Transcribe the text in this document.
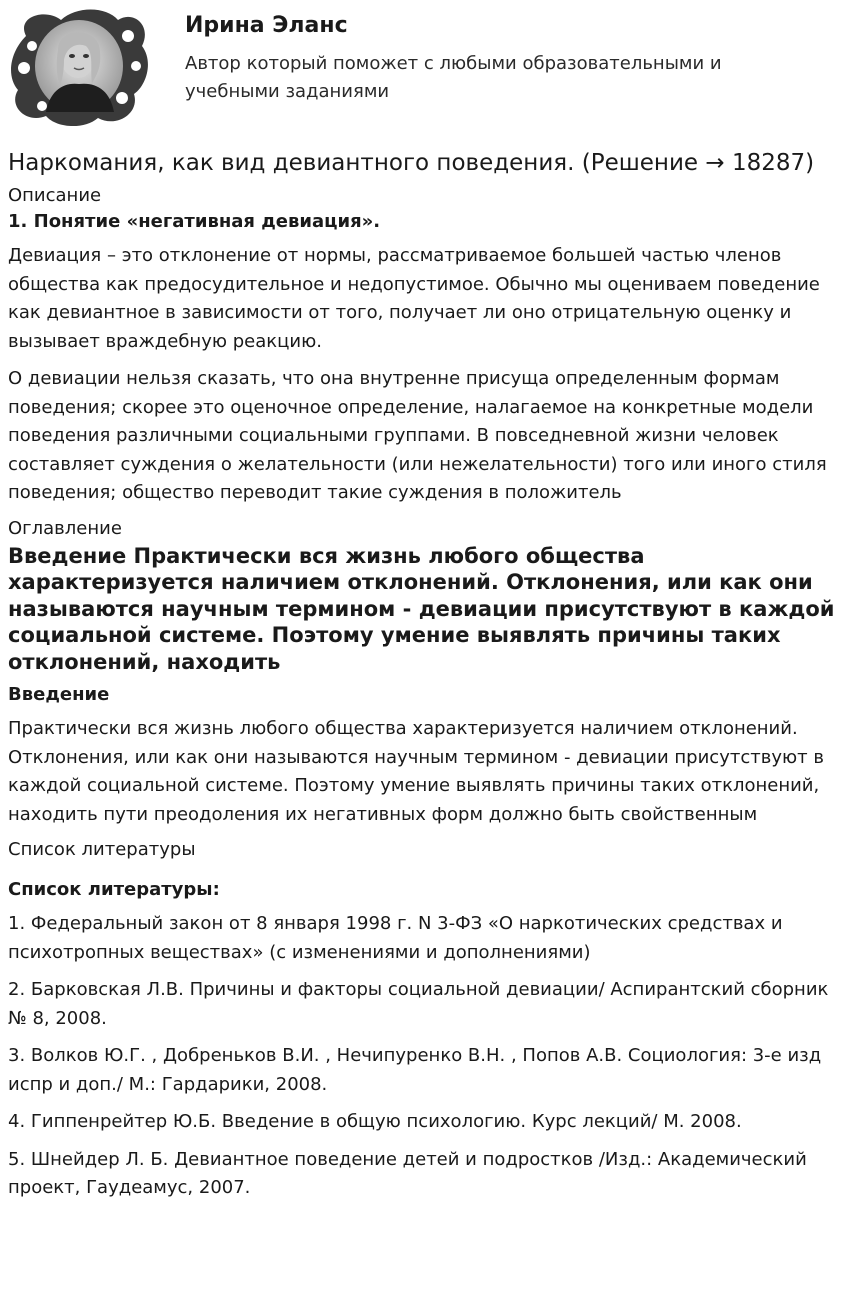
Ирина Эланс
Автор который поможет с любыми образовательными и учебными заданиями
Наркомания, как вид девиантного поведения. (Решение → 18287)
Описание
1. Понятие «негативная девиация».

Девиация – это отклонение от нормы, рассматриваемое большей частью членов общества как предосудительное и недопустимое. Обычно мы оцениваем поведение как девиантное в зависимости от того, получает ли оно отрицательную оценку и вызывает враждебную реакцию.

О девиации нельзя сказать, что она внутренне присуща определенным формам поведения; скорее это оценочное определение, налагаемое на конкретные модели поведения различными социальными группами. В повседневной жизни человек составляет суждения о желательности (или нежелательности) того или иного стиля поведения; общество переводит такие суждения в положитель

Оглавление
Введение Практически вся жизнь любого общества характеризуется наличием отклонений. Отклонения, или как они называются научным термином - девиации присутствуют в каждой социальной системе. Поэтому умение выявлять причины таких отклонений, находить
Введение

Практически вся жизнь любого общества характеризуется наличием отклонений. Отклонения, или как они называются научным термином - девиации присутствуют в каждой социальной системе. Поэтому умение выявлять причины таких отклонений, находить пути преодоления их негативных форм должно быть свойственным

Список литературы
Список литературы:

1. Федеральный закон от 8 января 1998 г. N 3-ФЗ «О наркотических средствах и психотропных веществах» (с изменениями и дополнениями)

2. Барковская Л.В. Причины и факторы социальной девиации/ Аспирантский сборник № 8, 2008.

3. Волков Ю.Г. , Добреньков В.И. , Нечипуренко В.Н. , Попов А.В. Социология: 3-е изд испр и доп./ М.: Гардарики, 2008.

4. Гиппенрейтер Ю.Б. Введение в общую психологию. Курс лекций/ М. 2008.

5. Шнейдер Л. Б. Девиантное поведение детей и подростков /Изд.: Академический проект, Гаудеамус, 2007.
